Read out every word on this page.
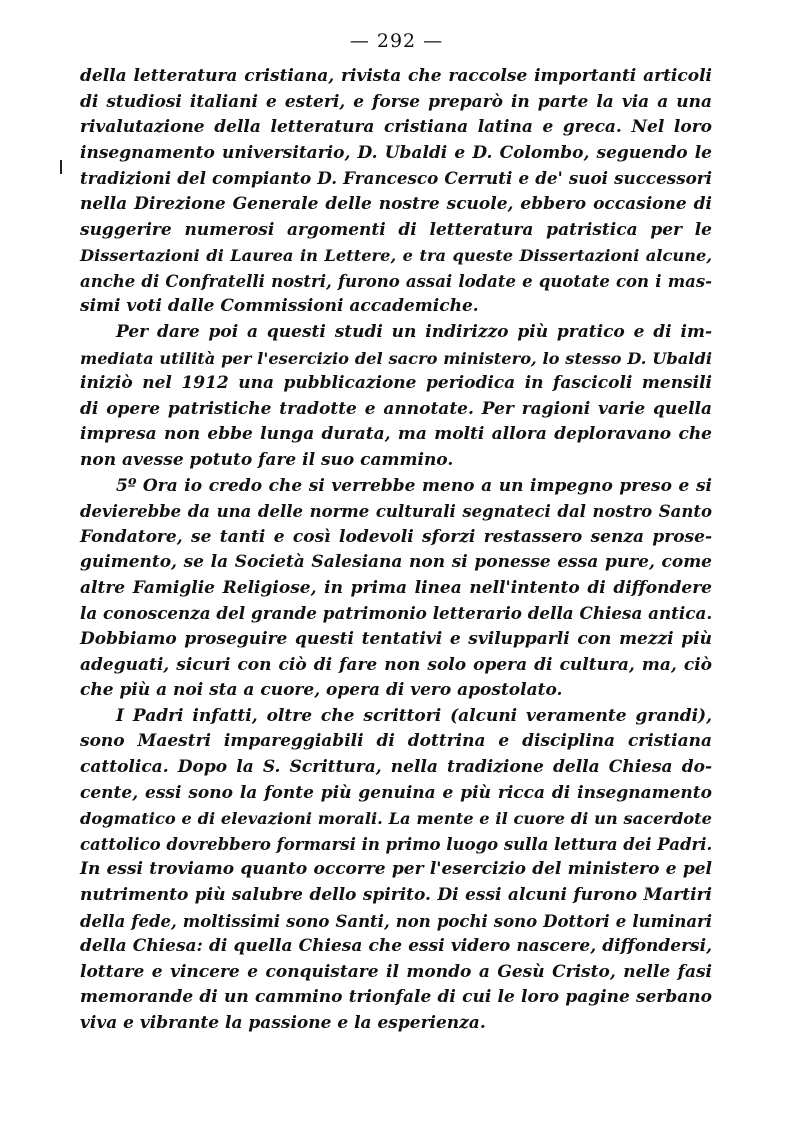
— 292 —
della letteratura cristiana, rivista che raccolse importanti articoli
di studiosi italiani e esteri, e forse preparò in parte la via a una
rivalutazione della letteratura cristiana latina e greca. Nel loro
insegnamento universitario, D. Ubaldi e D. Colombo, seguendo le
tradizioni del compianto D. Francesco Cerruti e de' suoi successori
nella Direzione Generale delle nostre scuole, ebbero occasione di
suggerire numerosi argomenti di letteratura patristica per le
Dissertazioni di Laurea in Lettere, e tra queste Dissertazioni alcune,
anche di Confratelli nostri, furono assai lodate e quotate con i mas-
simi voti dalle Commissioni accademiche.
Per dare poi a questi studi un indirizzo più pratico e di im-
mediata utilità per l'esercizio del sacro ministero, lo stesso D. Ubaldi
iniziò nel 1912 una pubblicazione periodica in fascicoli mensili
di opere patristiche tradotte e annotate. Per ragioni varie quella
impresa non ebbe lunga durata, ma molti allora deploravano che
non avesse potuto fare il suo cammino.
5º Ora io credo che si verrebbe meno a un impegno preso e si
devierebbe da una delle norme culturali segnateci dal nostro Santo
Fondatore, se tanti e così lodevoli sforzi restassero senza prose-
guimento, se la Società Salesiana non si ponesse essa pure, come
altre Famiglie Religiose, in prima linea nell'intento di diffondere
la conoscenza del grande patrimonio letterario della Chiesa antica.
Dobbiamo proseguire questi tentativi e svilupparli con mezzi più
adeguati, sicuri con ciò di fare non solo opera di cultura, ma, ciò
che più a noi sta a cuore, opera di vero apostolato.
I Padri infatti, oltre che scrittori (alcuni veramente grandi),
sono Maestri impareggiabili di dottrina e disciplina cristiana
cattolica. Dopo la S. Scrittura, nella tradizione della Chiesa do-
cente, essi sono la fonte più genuina e più ricca di insegnamento
dogmatico e di elevazioni morali. La mente e il cuore di un sacerdote
cattolico dovrebbero formarsi in primo luogo sulla lettura dei Padri.
In essi troviamo quanto occorre per l'esercizio del ministero e pel
nutrimento più salubre dello spirito. Di essi alcuni furono Martiri
della fede, moltissimi sono Santi, non pochi sono Dottori e luminari
della Chiesa: di quella Chiesa che essi videro nascere, diffondersi,
lottare e vincere e conquistare il mondo a Gesù Cristo, nelle fasi
memorande di un cammino trionfale di cui le loro pagine serbano
viva e vibrante la passione e la esperienza.
